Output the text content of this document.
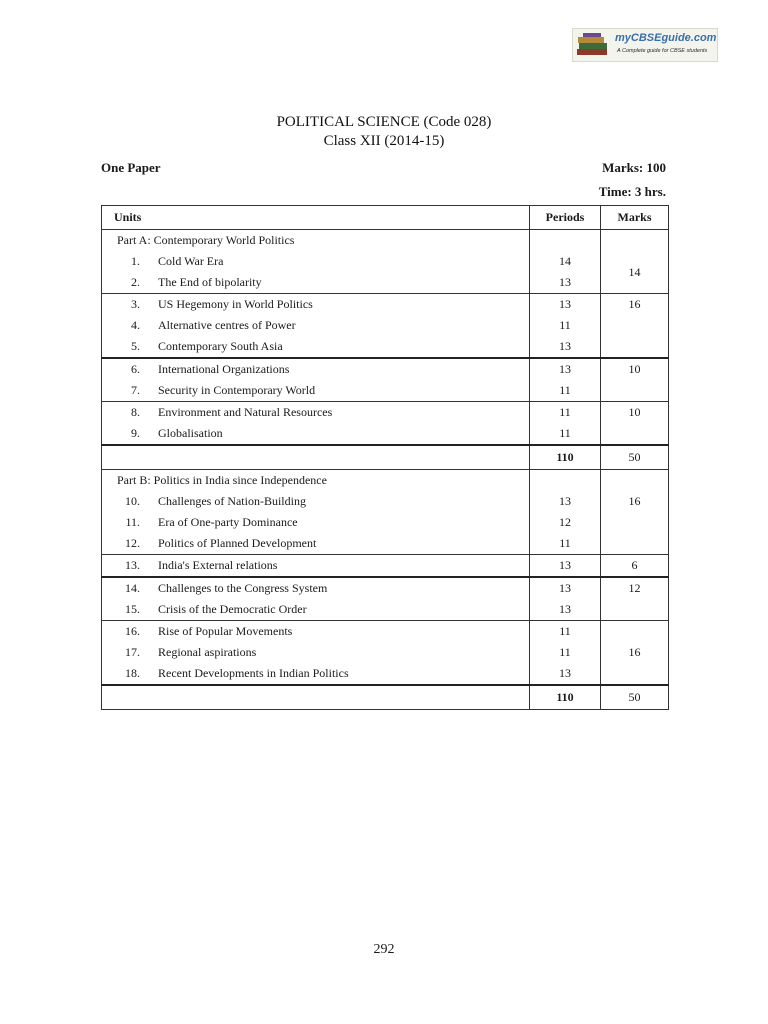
myCBSEguide.com
A Complete guide for CBSE students
POLITICAL SCIENCE (Code 028)
Class XII (2014-15)
One Paper	Marks: 100
Time: 3 hrs.
Units	Periods	Marks
Part A: Contemporary World Politics		
1. Cold War Era	14	14
2. The End of bipolarity	13	
3. US Hegemony in World Politics	13	16
4. Alternative centres of Power	11	
5. Contemporary South Asia	13	
6. International Organizations	13	10
7. Security in Contemporary World	11	
8. Environment and Natural Resources	11	10
9. Globalisation	11	
	110	50
Part B: Politics in India since Independence		
10. Challenges of Nation-Building	13	16
11. Era of One-party Dominance	12	
12. Politics of Planned Development	11	
13. India's External relations	13	6
14. Challenges to the Congress System	13	12
15. Crisis of the Democratic Order	13	
16. Rise of Popular Movements	11	16
17. Regional aspirations	11	
18. Recent Developments in Indian Politics	13	
	110	50
292
